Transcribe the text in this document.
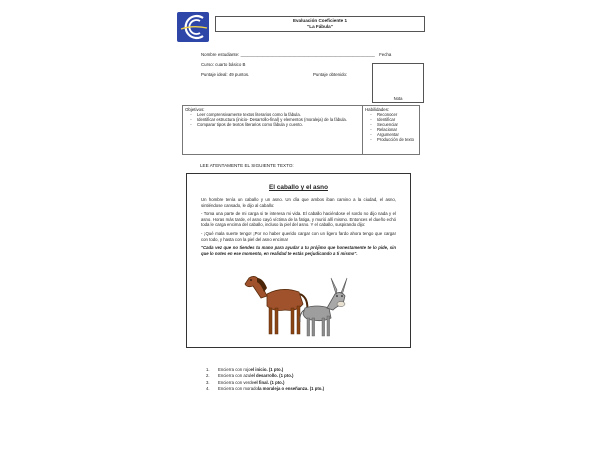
Evaluación Coeficiente 1
"La Fábula"
Nombre estudiante: _______________________________________________________ Fecha
Curso: cuarto básico B
Puntaje ideal: 49 puntos.	Puntaje obtenido:
Nota
Objetivos:
-	Leer comprensivamente textos literarios como la fábula.
-	Identificar estructura (inicio- Desarrollo-final) y elementos (moraleja) de la fábula.
-	Comparar tipos de textos literarios como fábula y cuento.
Habilidades:
-	Reconocer
-	Identificar
-	Secuenciar
-	Relacionar
-	Argumentar
-	Producción de texto
LEE ATENTAMENTE EL SIGUIENTE TEXTO:
El caballo y el asno

Un hombre tenía un caballo y un asno. Un día que ambos iban camino a la ciudad, el asno, sintiéndose cansado, le dijo al caballo:

- Toma una parte de mi carga si te interesa mi vida. El caballo haciéndose el sordo no dijo nada y el asno. Horas más tarde, el asno cayó víctima de la fatiga, y murió allí mismo. Entonces el dueño echó toda le carga encima del caballo, incluso la piel del asno. Y el caballo, suspirando dijo:

- ¡Qué mala suerte tengo! ¡Por no haber querido cargar con un ligero fardo ahora tengo que cargar con todo, y hasta con la piel del asno encima!

"Cada vez que no tiendes tu mano para ayudar a tu prójimo que honestamente te lo pide, sin que lo notes en ese momento, en realidad te estás perjudicando a ti mismo".

1.	Encierra con rojo el inicio. (1 pto.)
2.	Encierra con azul el desarrollo. (1 pto.)
3.	Encierra con verde el final. (1 pto.)
4.	Encierra con morado la moraleja o enseñanza. (1 pto.)
